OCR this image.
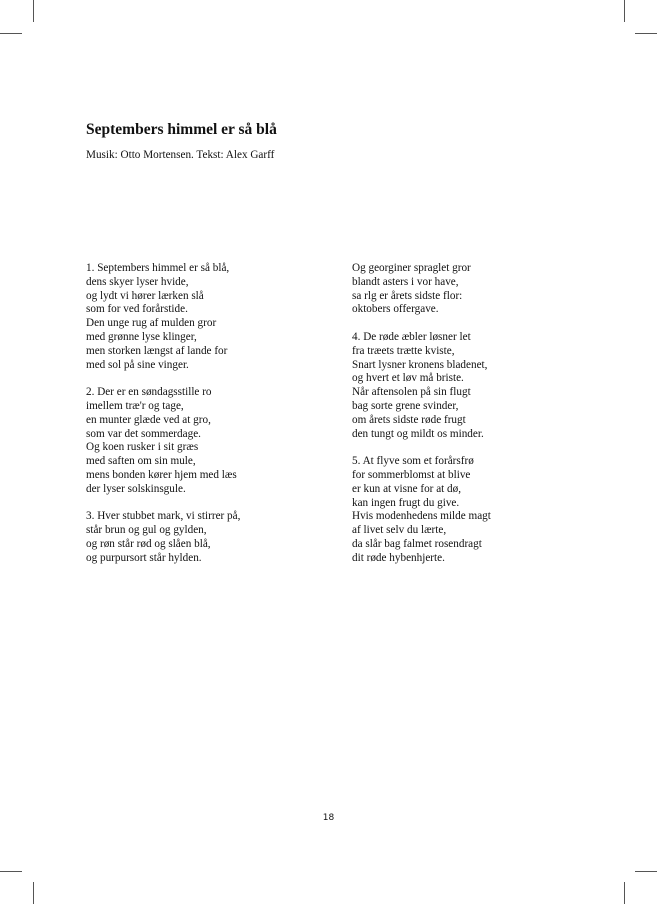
Septembers himmel er så blå

Musik: Otto Mortensen. Tekst: Alex Garff

1. Septembers himmel er så blå,
dens skyer lyser hvide,
og lydt vi hører lærken slå
som for ved forårstide.
Den unge rug af mulden gror
med grønne lyse klinger,
men storken længst af lande for
med sol på sine vinger.

2. Der er en søndagsstille ro
imellem træ'r og tage,
en munter glæde ved at gro,
som var det sommerdage.
Og koen rusker i sit græs
med saften om sin mule,
mens bonden kører hjem med læs
der lyser solskinsgule.

3. Hver stubbet mark, vi stirrer på,
står brun og gul og gylden,
og røn står rød og slåen blå,
og purpursort står hylden.

Og georginer spraglet gror
blandt asters i vor have,
sa rlg er årets sidste flor:
oktobers offergave.

4. De røde æbler løsner let
fra træets trætte kviste,
Snart lysner kronens bladenet,
og hvert et løv må briste.
Når aftensolen på sin flugt
bag sorte grene svinder,
om årets sidste røde frugt
den tungt og mildt os minder.

5. At flyve som et forårsfrø
for sommerblomst at blive
er kun at visne for at dø,
kan ingen frugt du give.
Hvis modenhedens milde magt
af livet selv du lærte,
da slår bag falmet rosendragt
dit røde hybenhjerte.

18
